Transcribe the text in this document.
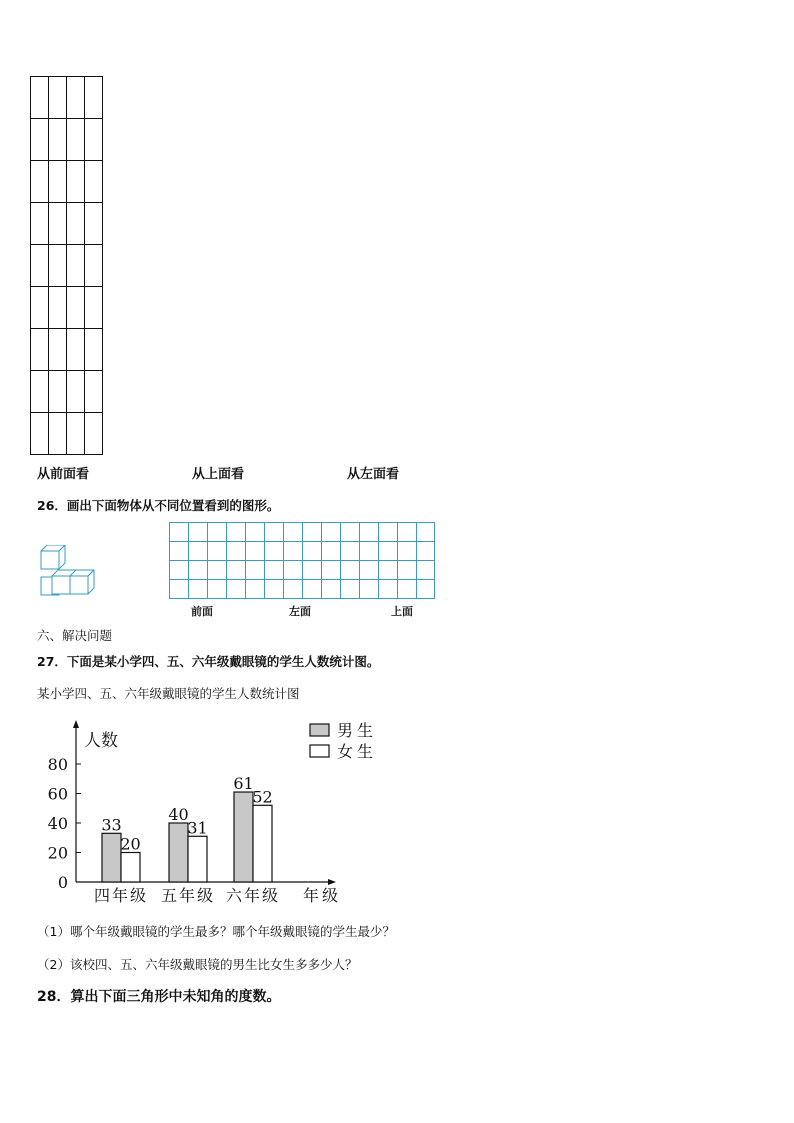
从前面看	从上面看	从左面看
26．画出下面物体从不同位置看到的图形。
前面	左面	上面
六、解决问题
27．下面是某小学四、五、六年级戴眼镜的学生人数统计图。
某小学四、五、六年级戴眼镜的学生人数统计图
0
20
40
60
80
人数
年级
33
20
四年级
40
31
五年级
61
52
六年级
男生
女生
（1）哪个年级戴眼镜的学生最多？哪个年级戴眼镜的学生最少？
（2）该校四、五、六年级戴眼镜的男生比女生多多少人？
28．算出下面三角形中未知角的度数。
